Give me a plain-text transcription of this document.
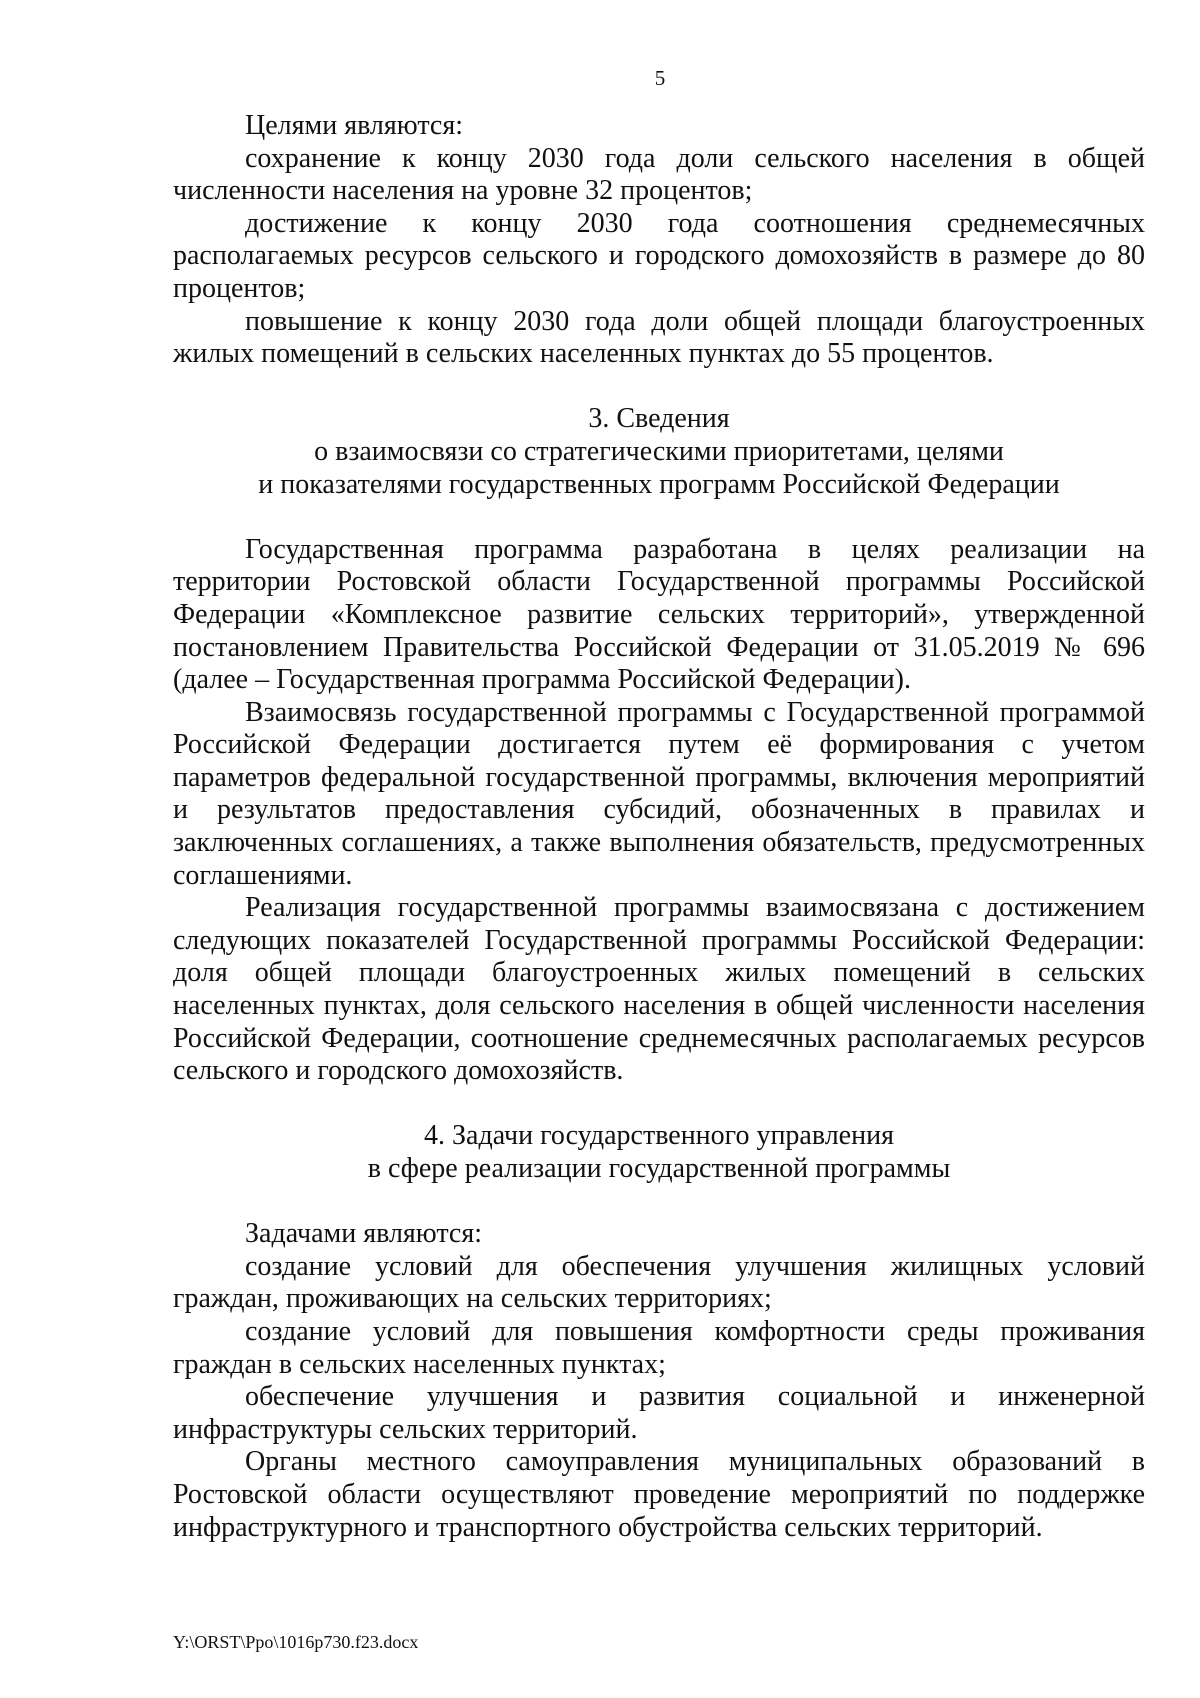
5

Целями являются:

сохранение к концу 2030 года доли сельского населения в общей численности населения на уровне 32 процентов;

достижение к концу 2030 года соотношения среднемесячных располагаемых ресурсов сельского и городского домохозяйств в размере до 80 процентов;

повышение к концу 2030 года доли общей площади благоустроенных жилых помещений в сельских населенных пунктах до 55 процентов.

3. Сведения

о взаимосвязи со стратегическими приоритетами, целями

и показателями государственных программ Российской Федерации

Государственная программа разработана в целях реализации на территории Ростовской области Государственной программы Российской Федерации «Комплексное развитие сельских территорий», утвержденной постановлением Правительства Российской Федерации от 31.05.2019 № 696 (далее – Государственная программа Российской Федерации).

Взаимосвязь государственной программы с Государственной программой Российской Федерации достигается путем её формирования с учетом параметров федеральной государственной программы, включения мероприятий и результатов предоставления субсидий, обозначенных в правилах и заключенных соглашениях, а также выполнения обязательств, предусмотренных соглашениями.

Реализация государственной программы взаимосвязана с достижением следующих показателей Государственной программы Российской Федерации: доля общей площади благоустроенных жилых помещений в сельских населенных пунктах, доля сельского населения в общей численности населения Российской Федерации, соотношение среднемесячных располагаемых ресурсов сельского и городского домохозяйств.

4. Задачи государственного управления

в сфере реализации государственной программы

Задачами являются:

создание условий для обеспечения улучшения жилищных условий граждан, проживающих на сельских территориях;

создание условий для повышения комфортности среды проживания граждан в сельских населенных пунктах;

обеспечение улучшения и развития социальной и инженерной инфраструктуры сельских территорий.

Органы местного самоуправления муниципальных образований в Ростовской области осуществляют проведение мероприятий по поддержке инфраструктурного и транспортного обустройства сельских территорий.

Y:\ORST\Ppo\1016p730.f23.docx
